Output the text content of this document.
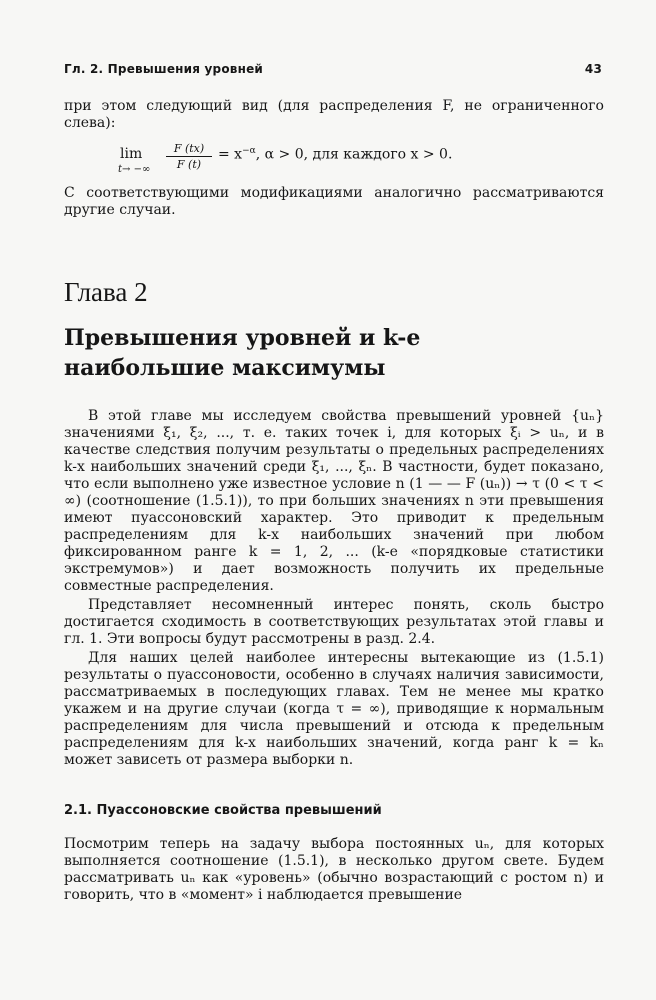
Гл. 2. Превышения уровней	43

при этом следующий вид (для распределения F, не ограниченного слева):

lim
t→ −∞ $\frac{F (tx)}{F (t)} = x^{-\alpha}$, α > 0, для каждого x > 0.

С соответствующими модификациями аналогично рассматриваются другие случаи.

Глава 2
Превышения уровней и k-е
наибольшие максимумы

В этой главе мы исследуем свойства превышений уровней {uₙ} значениями ξ₁, ξ₂, ..., т. е. таких точек i, для которых ξᵢ > uₙ, и в качестве следствия получим результаты о предельных распределениях k-х наибольших значений среди ξ₁, ..., ξₙ. В частности, будет показано, что если выполнено уже известное условие n (1 — — F (uₙ)) → τ (0 < τ < ∞) (соотношение (1.5.1)), то при больших значениях n эти превышения имеют пуассоновский характер. Это приводит к предельным распределениям для k-х наибольших значений при любом фиксированном ранге k = 1, 2, ... (k-е «порядковые статистики экстремумов») и дает возможность получить их предельные совместные распределения.

Представляет несомненный интерес понять, сколь быстро достигается сходимость в соответствующих результатах этой главы и гл. 1. Эти вопросы будут рассмотрены в разд. 2.4.

Для наших целей наиболее интересны вытекающие из (1.5.1) результаты о пуассоновости, особенно в случаях наличия зависимости, рассматриваемых в последующих главах. Тем не менее мы кратко укажем и на другие случаи (когда τ = ∞), приводящие к нормальным распределениям для числа превышений и отсюда к предельным распределениям для k-х наибольших значений, когда ранг k = kₙ может зависеть от размера выборки n.

2.1. Пуассоновские свойства превышений

Посмотрим теперь на задачу выбора постоянных uₙ, для которых выполняется соотношение (1.5.1), в несколько другом свете. Будем рассматривать uₙ как «уровень» (обычно возрастающий с ростом n) и говорить, что в «момент» i наблюдается превышение
